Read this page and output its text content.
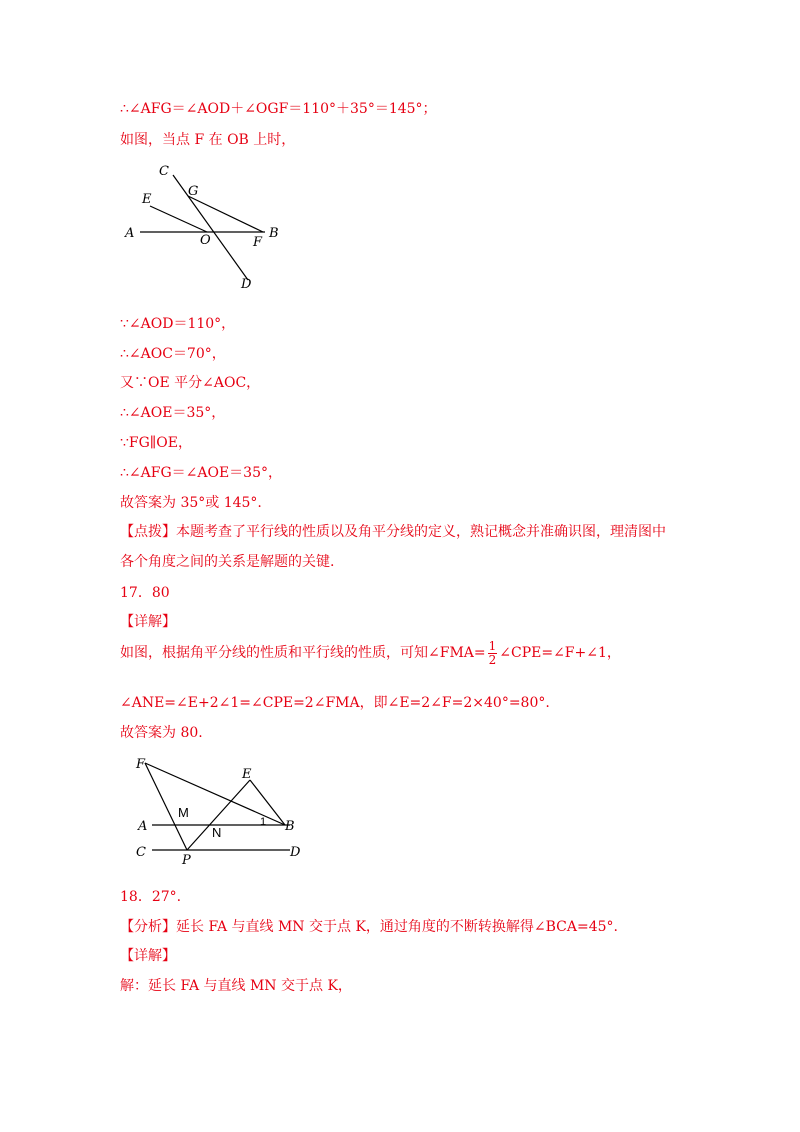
∴∠AFG＝∠AOD＋∠OGF＝110°＋35°＝145°；
如图，当点 F 在 OB 上时，
C
G
E
A	O	F
B
D
∵∠AOD＝110°，
∴∠AOC＝70°，
又∵OE 平分∠AOC，
∴∠AOE＝35°，
∵FG∥OE，
∴∠AFG＝∠AOE＝35°，
故答案为 35°或 145°.
【点拨】本题考查了平行线的性质以及角平分线的定义，熟记概念并准确识图，理清图中
各个角度之间的关系是解题的关键.
17．80
【详解】
如图，根据角平分线的性质和平行线的性质，可知∠FMA= $\frac{1}{2}$ ∠CPE=∠F+∠1，
∠ANE=∠E+2∠1=∠CPE=2∠FMA，即∠E=2∠F=2×40°=80°.
故答案为 80.
F
E
M
A	N
1 B
C
P
D
18．27°.
【分析】延长 FA 与直线 MN 交于点 K，通过角度的不断转换解得∠BCA=45°.
【详解】
解：延长 FA 与直线 MN 交于点 K，
